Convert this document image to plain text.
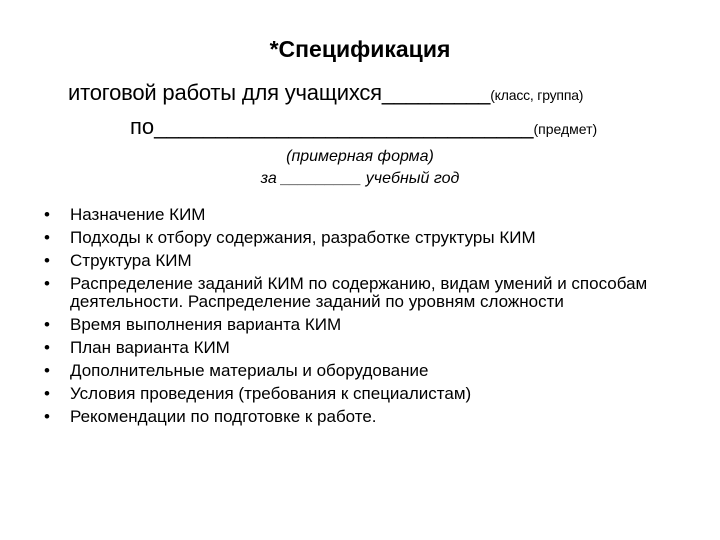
*Спецификация
итоговой работы для учащихся_________(класс, группа)
по_______________________________(предмет)
(примерная форма)
за _________ учебный год
• Назначение КИМ
• Подходы к отбору содержания, разработке структуры КИМ
• Структура КИМ
• Распределение заданий КИМ по содержанию, видам умений и способам деятельности. Распределение заданий по уровням сложности
• Время выполнения варианта КИМ
• План варианта КИМ
• Дополнительные материалы и оборудование
• Условия проведения (требования к специалистам)
• Рекомендации по подготовке к работе.
